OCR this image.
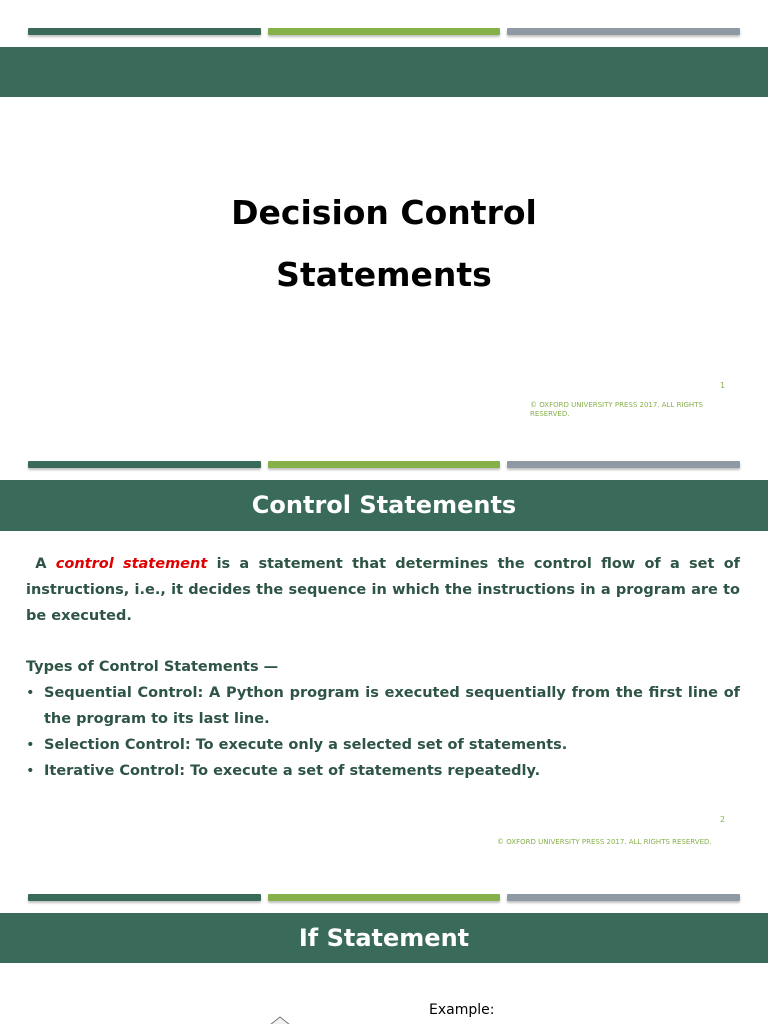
Decision Control
Statements
1
© OXFORD UNIVERSITY PRESS 2017. ALL RIGHTS RESERVED.
Control Statements
A control statement is a statement that determines the control flow of a set of instructions, i.e., it decides the sequence in which the instructions in a program are to be executed.
Types of Control Statements —
• Sequential Control: A Python program is executed sequentially from the first line of the program to its last line.
• Selection Control: To execute only a selected set of statements.
• Iterative Control: To execute a set of statements repeatedly.
2
© OXFORD UNIVERSITY PRESS 2017. ALL RIGHTS RESERVED.
If Statement
Example:
